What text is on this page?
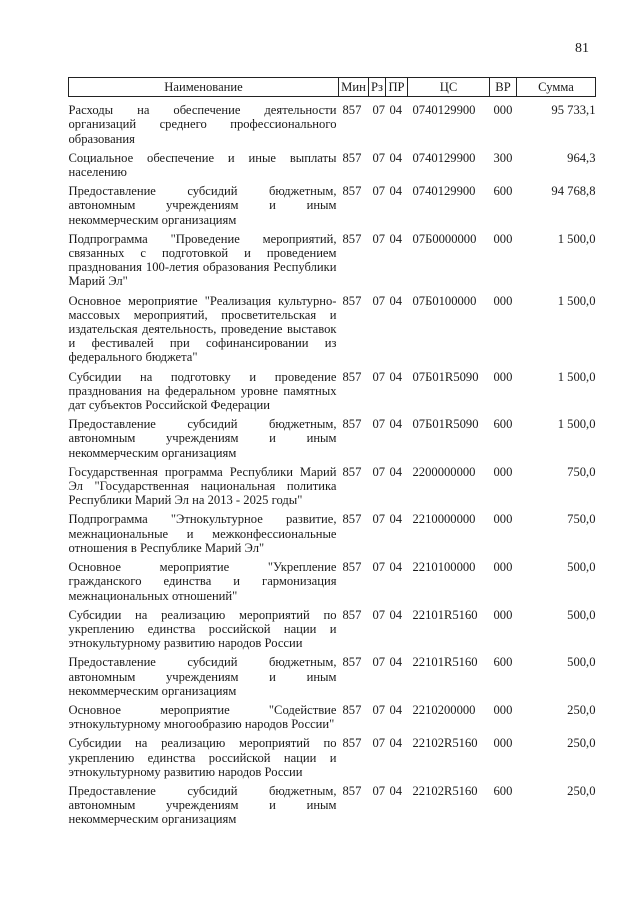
81
Наименование	Мин	Рз	ПР	ЦС	ВР	Сумма

Расходы на обеспечение деятельности организаций среднего профессионального образования	857	07	04	0740129900	000	95 733,1
Социальное обеспечение и иные выплаты населению	857	07	04	0740129900	300	964,3
Предоставление субсидий бюджетным, автономным учреждениям и иным некоммерческим организациям	857	07	04	0740129900	600	94 768,8
Подпрограмма "Проведение мероприятий, связанных с подготовкой и проведением празднования 100-летия образования Республики Марий Эл"	857	07	04	07Б0000000	000	1 500,0
Основное мероприятие "Реализация культурно-массовых мероприятий, просветительская и издательская деятельность, проведение выставок и фестивалей при софинансировании из федерального бюджета"	857	07	04	07Б0100000	000	1 500,0
Субсидии на подготовку и проведение празднования на федеральном уровне памятных дат субъектов Российской Федерации	857	07	04	07Б01R5090	000	1 500,0
Предоставление субсидий бюджетным, автономным учреждениям и иным некоммерческим организациям	857	07	04	07Б01R5090	600	1 500,0
Государственная программа Республики Марий Эл "Государственная национальная политика Республики Марий Эл на 2013 - 2025 годы"	857	07	04	2200000000	000	750,0
Подпрограмма "Этнокультурное развитие, межнациональные и межконфессиональные отношения в Республике Марий Эл"	857	07	04	2210000000	000	750,0
Основное мероприятие "Укрепление гражданского единства и гармонизация межнациональных отношений"	857	07	04	2210100000	000	500,0
Субсидии на реализацию мероприятий по укреплению единства российской нации и этнокультурному развитию народов России	857	07	04	22101R5160	000	500,0
Предоставление субсидий бюджетным, автономным учреждениям и иным некоммерческим организациям	857	07	04	22101R5160	600	500,0
Основное мероприятие "Содействие этнокультурному многообразию народов России"	857	07	04	2210200000	000	250,0
Субсидии на реализацию мероприятий по укреплению единства российской нации и этнокультурному развитию народов России	857	07	04	22102R5160	000	250,0
Предоставление субсидий бюджетным, автономным учреждениям и иным некоммерческим организациям	857	07	04	22102R5160	600	250,0
